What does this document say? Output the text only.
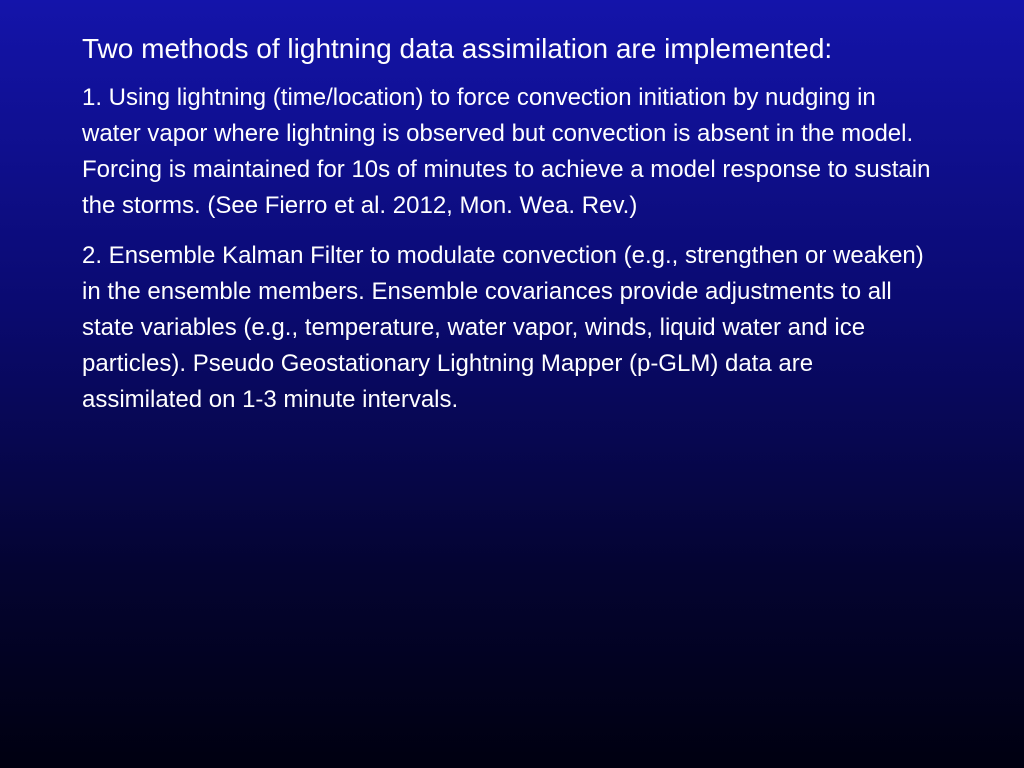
Two methods of lightning data assimilation are implemented:

1. Using lightning (time/location) to force convection initiation by nudging in water vapor where lightning is observed but convection is absent in the model. Forcing is maintained for 10s of minutes to achieve a model response to sustain the storms. (See Fierro et al. 2012, Mon. Wea. Rev.)

2. Ensemble Kalman Filter to modulate convection (e.g., strengthen or weaken) in the ensemble members. Ensemble covariances provide adjustments to all state variables (e.g., temperature, water vapor, winds, liquid water and ice particles). Pseudo Geostationary Lightning Mapper (p-GLM) data are assimilated on 1-3 minute intervals.
